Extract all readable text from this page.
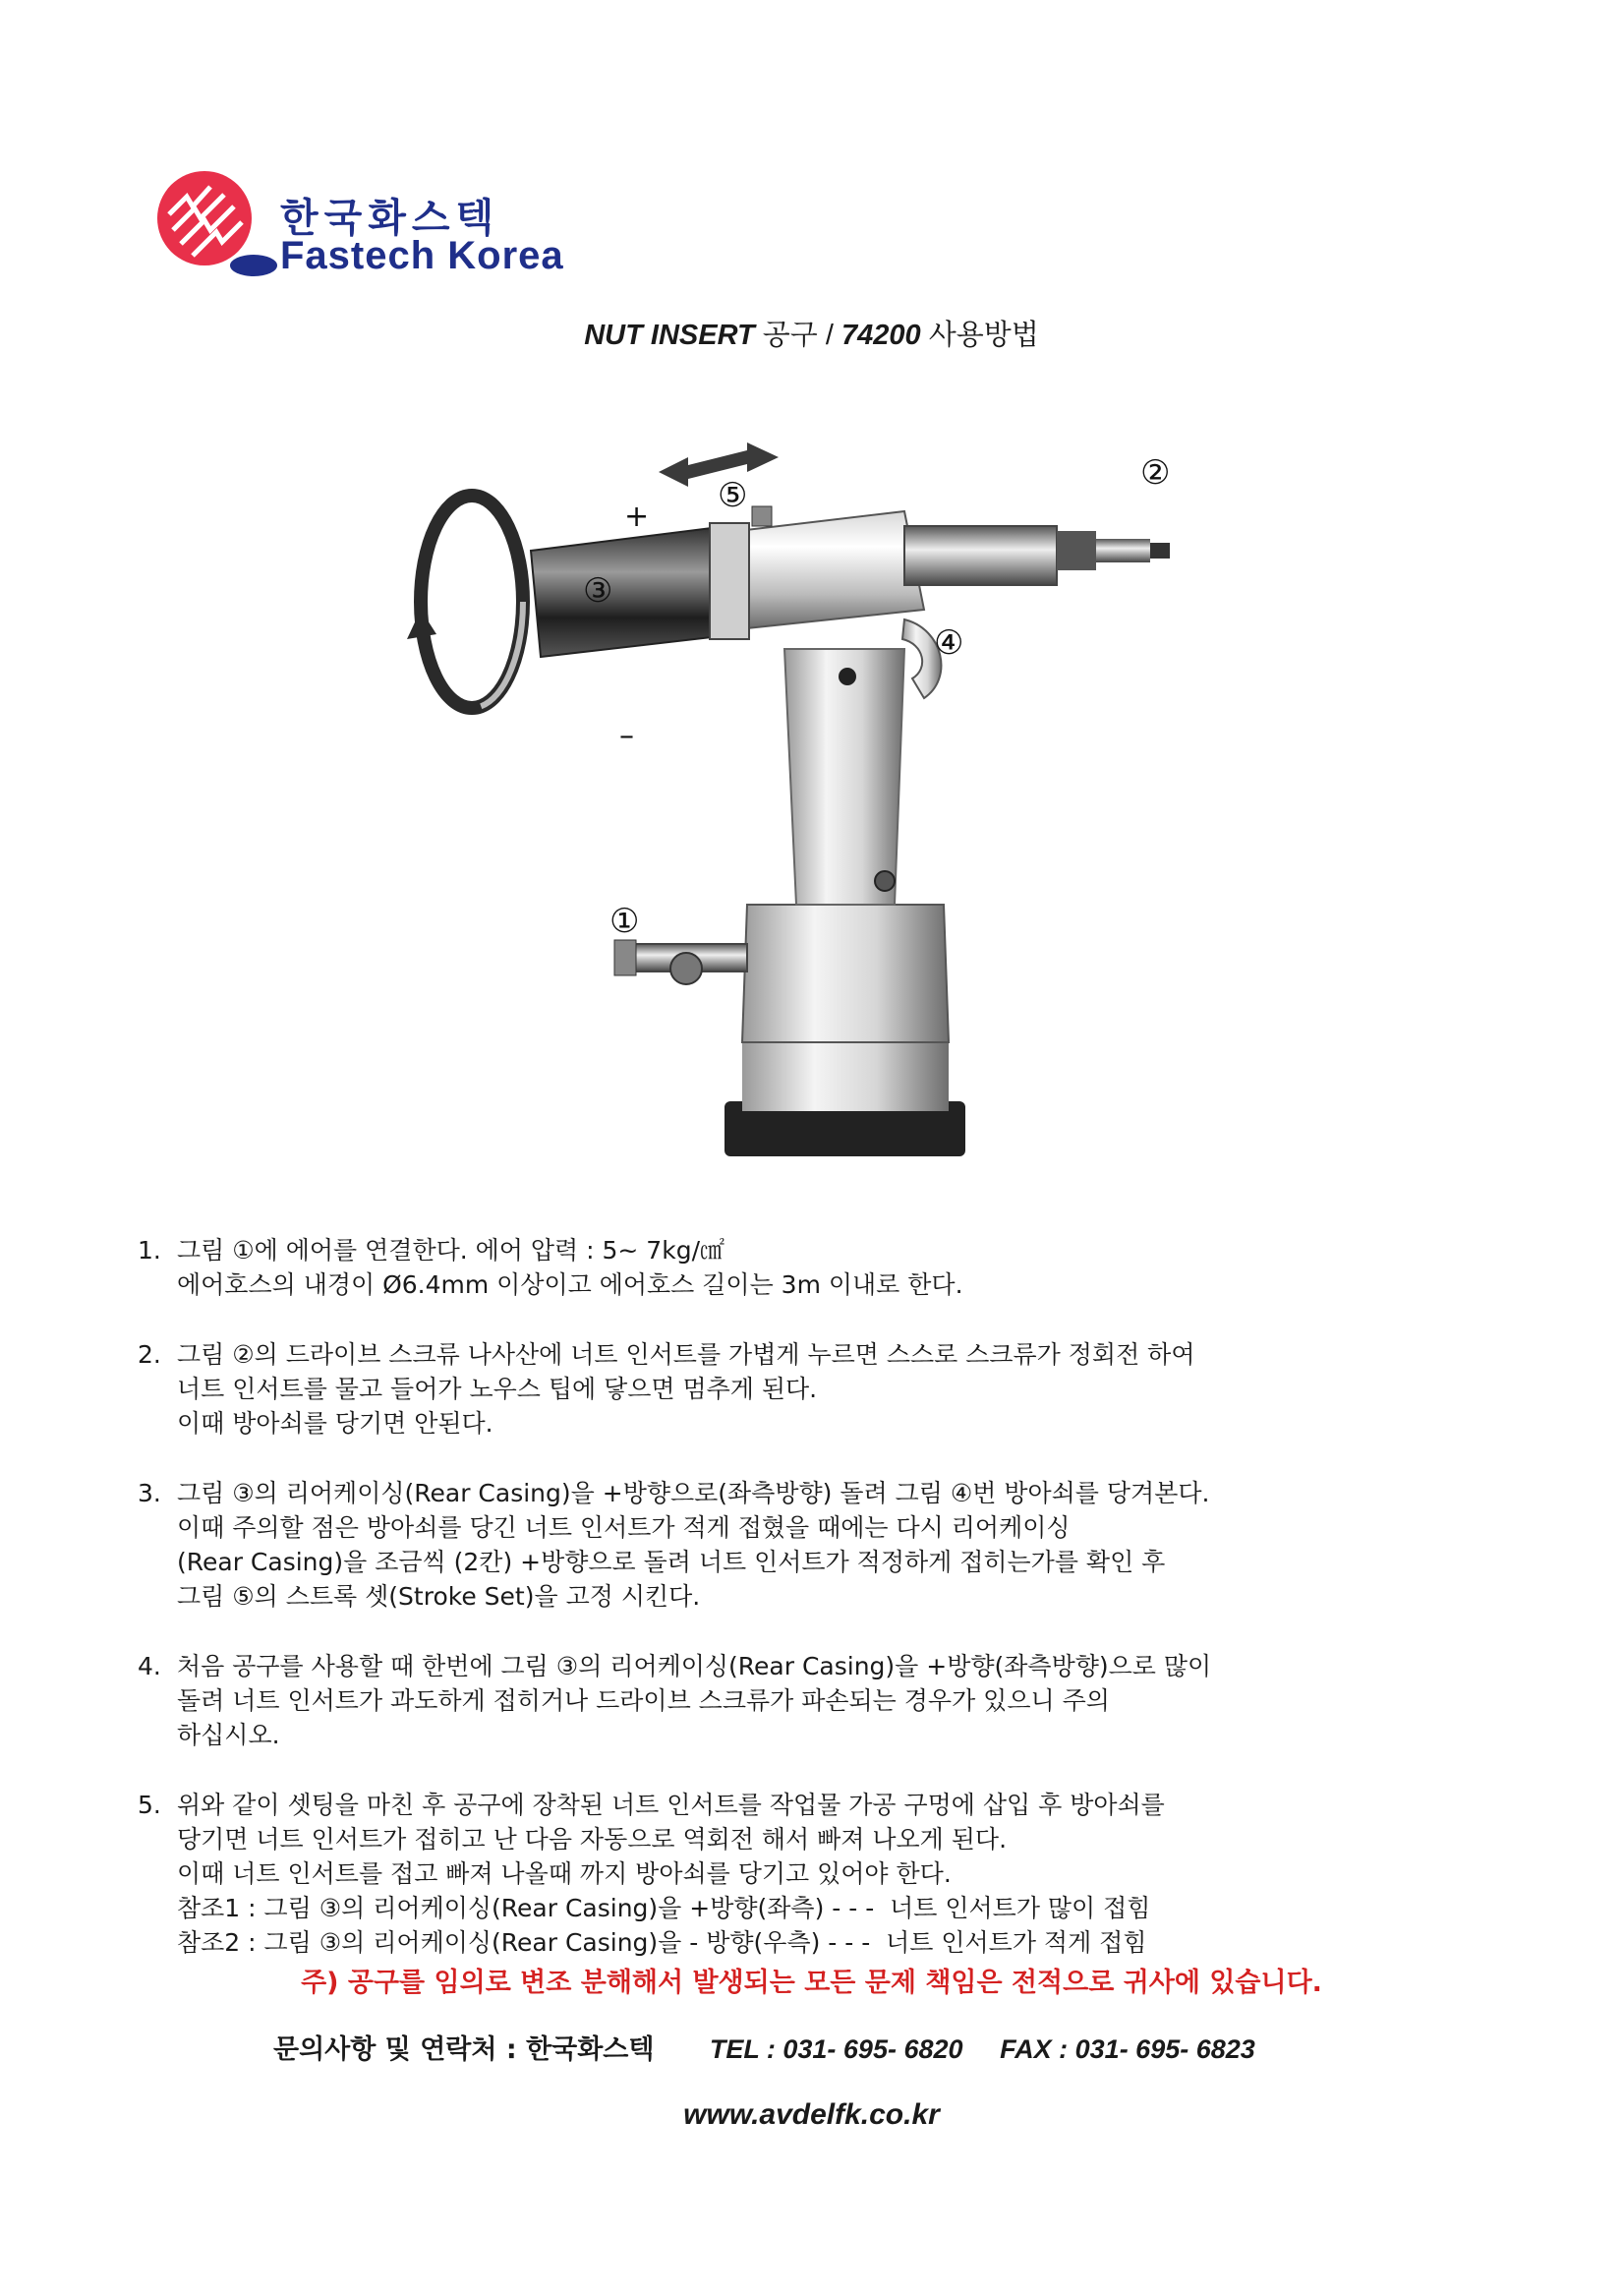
한국화스텍
Fastech Korea
NUT INSERT 공구 / 74200 사용방법
+
–
③
⑤
②
④
①
1. 그림 ①에 에어를 연결한다. 에어 압력 : 5~ 7kg/㎠
에어호스의 내경이 Ø6.4mm 이상이고 에어호스 길이는 3m 이내로 한다.
2. 그림 ②의 드라이브 스크류 나사산에 너트 인서트를 가볍게 누르면 스스로 스크류가 정회전 하여
너트 인서트를 물고 들어가 노우스 팁에 닿으면 멈추게 된다.
이때 방아쇠를 당기면 안된다.
3. 그림 ③의 리어케이싱(Rear Casing)을 +방향으로(좌측방향) 돌려 그림 ④번 방아쇠를 당겨본다.
이때 주의할 점은 방아쇠를 당긴 너트 인서트가 적게 접혔을 때에는 다시 리어케이싱
(Rear Casing)을 조금씩 (2칸) +방향으로 돌려 너트 인서트가 적정하게 접히는가를 확인 후
그림 ⑤의 스트록 셋(Stroke Set)을 고정 시킨다.
4. 처음 공구를 사용할 때 한번에 그림 ③의 리어케이싱(Rear Casing)을 +방향(좌측방향)으로 많이
돌려 너트 인서트가 과도하게 접히거나 드라이브 스크류가 파손되는 경우가 있으니 주의
하십시오.
5. 위와 같이 셋팅을 마친 후 공구에 장착된 너트 인서트를 작업물 가공 구멍에 삽입 후 방아쇠를
당기면 너트 인서트가 접히고 난 다음 자동으로 역회전 해서 빠져 나오게 된다.
이때 너트 인서트를 접고 빠져 나올때 까지 방아쇠를 당기고 있어야 한다.
참조1 : 그림 ③의 리어케이싱(Rear Casing)을 +방향(좌측) - - -  너트 인서트가 많이 접힘
참조2 : 그림 ③의 리어케이싱(Rear Casing)을 - 방향(우측) - - -  너트 인서트가 적게 접힘
주) 공구를 임의로 변조 분해해서 발생되는 모든 문제 책임은 전적으로 귀사에 있습니다.
문의사항 및 연락처 : 한국화스텍 TEL : 031- 695- 6820 FAX : 031- 695- 6823
www.avdelfk.co.kr
